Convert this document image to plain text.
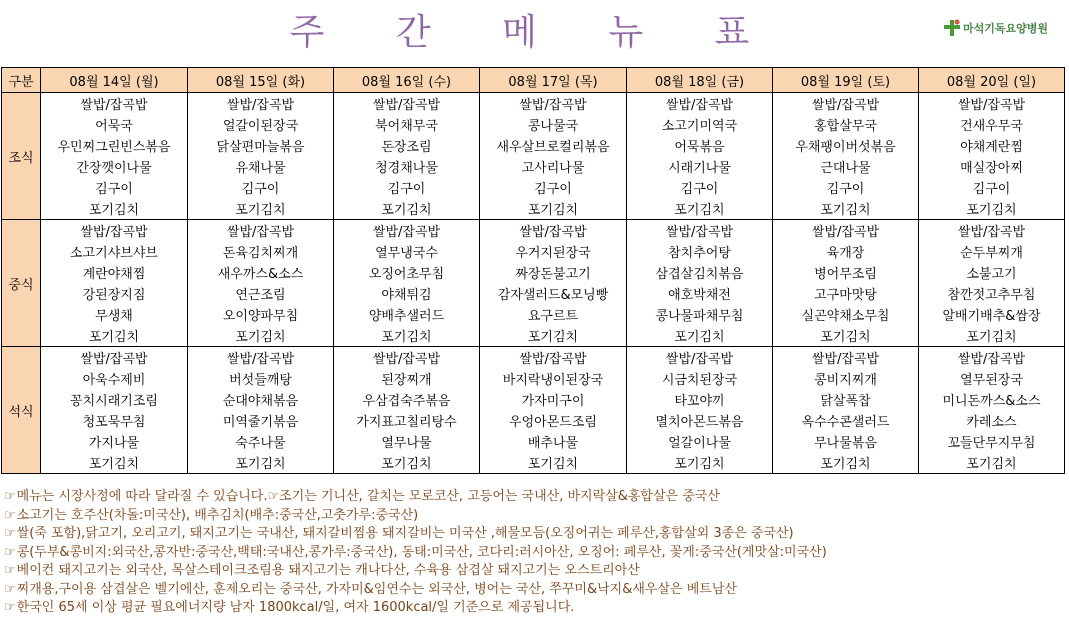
주 간 메 뉴 표	마석기독요양병원
구분	08월 14일 (월)	08월 15일 (화)	08월 16일 (수)	08월 17일 (목)	08월 18일 (금)	08월 19일 (토)	08월 20일 (일)
조식	쌀밥/잡곡밥	쌀밥/잡곡밥	쌀밥/잡곡밥	쌀밥/잡곡밥	쌀밥/잡곡밥	쌀밥/잡곡밥	쌀밥/잡곡밥
	어묵국	얼갈이된장국	북어채무국	콩나물국	소고기미역국	홍합살무국	건새우무국
	우민찌그린빈스볶음	닭살편마늘볶음	돈장조림	새우살브로컬리볶음	어묵볶음	우채팽이버섯볶음	야채계란찜
	간장깻이나물	유채나물	청경채나물	고사리나물	시래기나물	근대나물	매실장아찌
	김구이	김구이	김구이	김구이	김구이	김구이	김구이
	포기김치	포기김치	포기김치	포기김치	포기김치	포기김치	포기김치
중식	쌀밥/잡곡밥	쌀밥/잡곡밥	쌀밥/잡곡밥	쌀밥/잡곡밥	쌀밥/잡곡밥	쌀밥/잡곡밥	쌀밥/잡곡밥
	소고기샤브샤브	돈육김치찌개	열무냉국수	우거지된장국	참치추어탕	육개장	순두부찌개
	계란야채찜	새우까스&소스	오징어초무침	짜장돈불고기	삼겹살김치볶음	병어무조림	소불고기
	강된장지짐	연근조림	야채튀김	감자샐러드&모닝빵	애호박채전	고구마맛탕	참깐젓고추무침
	무생채	오이양파무침	양배추샐러드	요구르트	콩나물파채무침	실곤약채소무침	알배기배추&쌈장
	포기김치	포기김치	포기김치	포기김치	포기김치	포기김치	포기김치
석식	쌀밥/잡곡밥	쌀밥/잡곡밥	쌀밥/잡곡밥	쌀밥/잡곡밥	쌀밥/잡곡밥	쌀밥/잡곡밥	쌀밥/잡곡밥
	아욱수제비	버섯들깨탕	된장찌개	바지락냉이된장국	시금치된장국	콩비지찌개	열무된장국
	꽁치시래기조림	순대야채볶음	우삼겹숙주볶음	가자미구이	타꼬야끼	닭살폭찹	미니돈까스&소스
	청포묵무침	미역줄기볶음	가지표고칠리탕수	우엉아몬드조림	멸치아몬드볶음	옥수수콘샐러드	카레소스
	가지나물	숙주나물	열무나물	배추나물	얼갈이나물	무나물볶음	꼬들단무지무침
	포기김치	포기김치	포기김치	포기김치	포기김치	포기김치	포기김치
☞메뉴는 시장사정에 따라 달라질 수 있습니다.☞조기는 기니산, 갈치는 모로코산, 고등어는 국내산, 바지락살&홍합살은 중국산
☞소고기는 호주산(차돌:미국산), 배추김치(배추:중국산,고춧가루:중국산)
☞쌀(죽 포함),닭고기, 오리고기, 돼지고기는 국내산, 돼지갈비찜용 돼지갈비는 미국산 ,해물모듬(오징어귀는 페루산,홍합살외 3종은 중국산)
☞콩(두부&콩비지:외국산,콩자반:중국산,백태:국내산,콩가루:중국산), 동태:미국산, 코다리:러시아산, 오징어: 페루산, 꽃게:중국산(게맛살:미국산)
☞베이컨 돼지고기는 외국산, 목살스테이크조림용 돼지고기는 캐나다산, 수육용 삼겹살 돼지고기는 오스트리아산
☞찌개용,구이용 삼겹살은 벨기에산, 훈제오리는 중국산, 가자미&임연수는 외국산, 병어는 국산, 쭈꾸미&낙지&새우살은 베트남산
☞한국인 65세 이상 평균 필요에너지량 남자 1800kcal/일, 여자 1600kcal/일 기준으로 제공됩니다.
